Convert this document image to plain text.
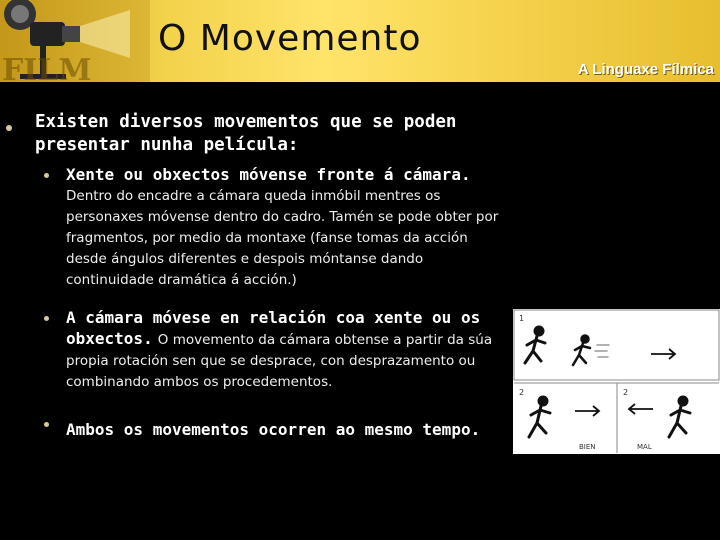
FILM
O Movemento
A Linguaxe Fílmica
Existen diversos movementos que se poden presentar nunha película:
Xente ou obxectos móvense fronte á cámara. Dentro do encadre a cámara queda inmóbil mentres os personaxes móvense dentro do cadro. Tamén se pode obter por fragmentos, por medio da montaxe (fanse tomas da acción desde ángulos diferentes e despois móntanse dando continuidade dramática á acción.)
A cámara móvese en relación coa xente ou os obxectos. O movemento da cámara obtense a partir da súa propia rotación sen que se desprace, con desprazamento ou combinando ambos os procedementos.
Ambos os movementos ocorren ao mesmo tempo.
1
2	2
BIEN	MAL
